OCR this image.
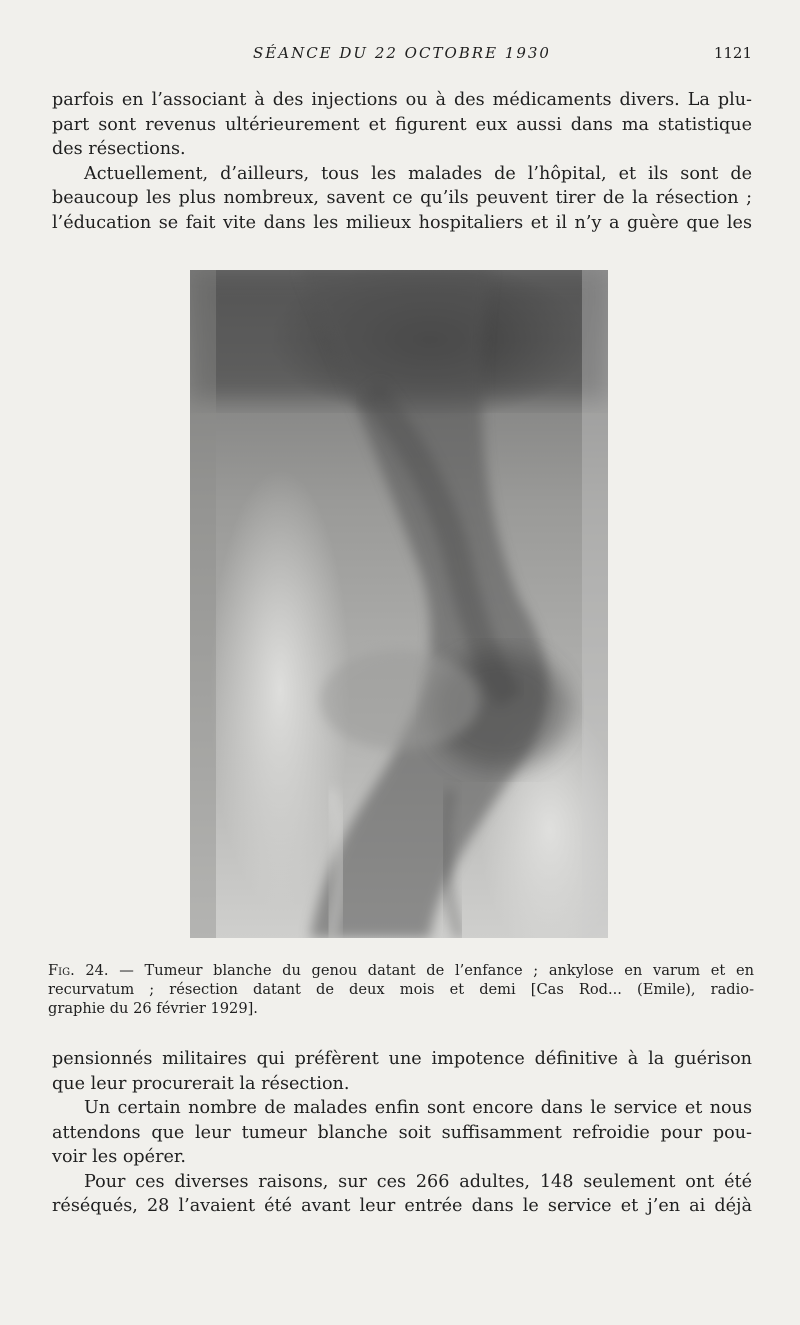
SÉANCE DU 22 OCTOBRE 1930	1121

parfois en l’associant à des injections ou à des médicaments divers. La plu-
part sont revenus ultérieurement et figurent eux aussi dans ma statistique
des résections.
Actuellement, d’ailleurs, tous les malades de l’hôpital, et ils sont de
beaucoup les plus nombreux, savent ce qu’ils peuvent tirer de la résection ;
l’éducation se fait vite dans les milieux hospitaliers et il n’y a guère que les

Fig. 24. — Tumeur blanche du genou datant de l’enfance ; ankylose en varum et en
recurvatum ; résection datant de deux mois et demi [Cas Rod... (Emile), radio-
graphie du 26 février 1929].

pensionnés militaires qui préfèrent une impotence définitive à la guérison
que leur procurerait la résection.
Un certain nombre de malades enfin sont encore dans le service et nous
attendons que leur tumeur blanche soit suffisamment refroidie pour pou-
voir les opérer.
Pour ces diverses raisons, sur ces 266 adultes, 148 seulement ont été
réséqués, 28 l’avaient été avant leur entrée dans le service et j’en ai déjà
